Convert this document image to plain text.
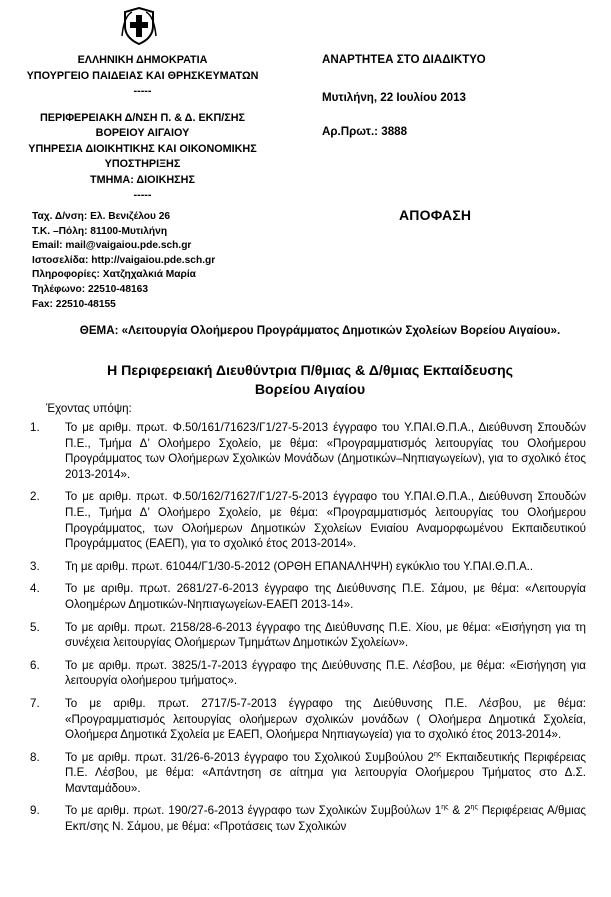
ΕΛΛΗΝΙΚΗ ΔΗΜΟΚΡΑΤΙΑ
ΥΠΟΥΡΓΕΙΟ ΠΑΙΔΕΙΑΣ ΚΑΙ ΘΡΗΣΚΕΥΜΑΤΩΝ
-----
ΠΕΡΙΦΕΡΕΙΑΚΗ Δ/ΝΣΗ Π. & Δ. ΕΚΠ/ΣΗΣ
ΒΟΡΕΙΟΥ ΑΙΓΑΙΟΥ
ΥΠΗΡΕΣΙΑ ΔΙΟΙΚΗΤΙΚΗΣ ΚΑΙ ΟΙΚΟΝΟΜΙΚΗΣ
ΥΠΟΣΤΗΡΙΞΗΣ
ΤΜΗΜΑ: ΔΙΟΙΚΗΣΗΣ
-----
ΑΝΑΡΤΗΤΕΑ ΣΤΟ ΔΙΑΔΙΚΤΥΟ
Μυτιλήνη, 22 Ιουλίου 2013
Αρ.Πρωτ.: 3888
Ταχ. Δ/νση: Ελ. Βενιζέλου 26
Τ.Κ. –Πόλη: 81100-Μυτιλήνη
Email: mail@vaigaiou.pde.sch.gr
Ιστοσελίδα: http://vaigaiou.pde.sch.gr
Πληροφορίες: Χατζηχαλκιά Μαρία
Τηλέφωνο: 22510-48163
Fax: 22510-48155
ΑΠΟΦΑΣΗ
ΘΕΜΑ: «Λειτουργία Ολοήμερου Προγράμματος Δημοτικών Σχολείων Βορείου Αιγαίου».
Η Περιφερειακή Διευθύντρια Π/θμιας & Δ/θμιας Εκπαίδευσης
Βορείου Αιγαίου
Έχοντας υπόψη:
1.	Το με αριθμ. πρωτ. Φ.50/161/71623/Γ1/27-5-2013 έγγραφο του Υ.ΠΑΙ.Θ.Π.Α., Διεύθυνση Σπουδών Π.Ε., Τμήμα Δ’ Ολοήμερο Σχολείο, με θέμα: «Προγραμματισμός λειτουργίας του Ολοήμερου Προγράμματος των Ολοήμερων Σχολικών Μονάδων (Δημοτικών–Νηπιαγωγείων), για το σχολικό έτος 2013-2014».
2.	Το με αριθμ. πρωτ. Φ.50/162/71627/Γ1/27-5-2013 έγγραφο του Υ.ΠΑΙ.Θ.Π.Α., Διεύθυνση Σπουδών Π.Ε., Τμήμα Δ’ Ολοήμερο Σχολείο, με θέμα: «Προγραμματισμός λειτουργίας του Ολοήμερου Προγράμματος, των Ολοήμερων Δημοτικών Σχολείων Ενιαίου Αναμορφωμένου Εκπαιδευτικού Προγράμματος (ΕΑΕΠ), για το σχολικό έτος 2013-2014».
3.	Τη με αριθμ. πρωτ. 61044/Γ1/30-5-2012 (ΟΡΘΗ ΕΠΑΝΑΛΗΨΗ) εγκύκλιο του Υ.ΠΑΙ.Θ.Π.Α..
4.	Το με αριθμ. πρωτ. 2681/27-6-2013 έγγραφο της Διεύθυνσης Π.Ε. Σάμου, με θέμα: «Λειτουργία Ολοημέρων Δημοτικών-Νηπιαγωγείων-ΕΑΕΠ 2013-14».
5.	Το με αριθμ. πρωτ. 2158/28-6-2013 έγγραφο της Διεύθυνσης Π.Ε. Χίου, με θέμα: «Εισήγηση για τη συνέχεια λειτουργίας Ολοήμερων Τμημάτων Δημοτικών Σχολείων».
6.	Το με αριθμ. πρωτ. 3825/1-7-2013 έγγραφο της Διεύθυνσης Π.Ε. Λέσβου, με θέμα: «Εισήγηση για λειτουργία ολοήμερου τμήματος».
7.	Το με αριθμ. πρωτ. 2717/5-7-2013 έγγραφο της Διεύθυνσης Π.Ε. Λέσβου, με θέμα: «Προγραμματισμός λειτουργίας ολοήμερων σχολικών μονάδων ( Ολοήμερα Δημοτικά Σχολεία, Ολοήμερα Δημοτικά Σχολεία με ΕΑΕΠ, Ολοήμερα Νηπιαγωγεία) για το σχολικό έτος 2013-2014».
8.	Το με αριθμ. πρωτ. 31/26-6-2013 έγγραφο του Σχολικού Συμβούλου $2^{\eta\varsigma}$ Εκπαιδευτικής Περιφέρειας Π.Ε. Λέσβου, με θέμα: «Απάντηση σε αίτημα για λειτουργία Ολοήμερου Τμήματος στο Δ.Σ. Μανταμάδου».
9.	Το με αριθμ. πρωτ. 190/27-6-2013 έγγραφο των Σχολικών Συμβούλων $1^{\eta\varsigma}$ & $2^{\eta\varsigma}$ Περιφέρειας Α/θμιας Εκπ/σης Ν. Σάμου, με θέμα: «Προτάσεις των Σχολικών
